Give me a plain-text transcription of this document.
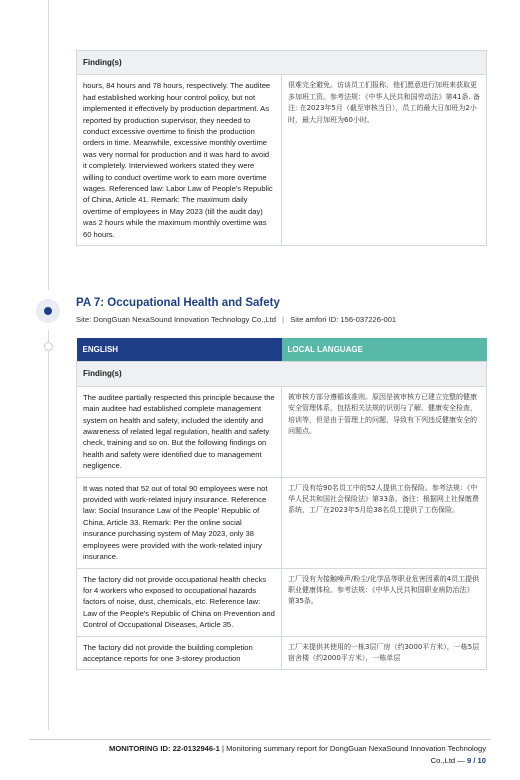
Finding(s)
hours, 84 hours and 78 hours, respectively. The auditee had established working hour control policy, but not implemented it effectively by production department. As reported by production supervisor, they needed to conduct excessive overtime to finish the production orders in time. Meanwhile, excessive monthly overtime was very normal for production and it was hard to avoid it completely. Interviewed workers stated they were willing to conduct overtime work to earn more overtime wages. Referenced law: Labor Law of People's Republic of China, Article 41. Remark: The maximum daily overtime of employees in May 2023 (till the audit day) was 2 hours while the maximum monthly overtime was 60 hours.	很难完全避免。访谈员工们报称，他们愿意进行加班来获取更多加班工资。参考法规：《中华人民共和国劳动法》第41条. 备注: 在2023年5月（截至审核当日），员工的最大日加班为2小时，最大月加班为60小时。
PA 7: Occupational Health and Safety
Site: DongGuan NexaSound Innovation Technology Co.,Ltd | Site amfori ID: 156-037226-001
ENGLISH	LOCAL LANGUAGE
Finding(s)	
The auditee partially respected this principle because the main auditee had established complete management system on health and safety, included the identify and awareness of related legal regulation, health and safety check, training and so on. But the following findings on health and safety were identified due to management negligence.	被审核方部分遵循该准则。原因是被审核方已建立完整的健康安全管理体系，包括相关法规的识别与了解，健康安全检查，培训等，但是由于管理上的问题，导致有下列违反健康安全的问题点。
It was noted that 52 out of total 90 employees were not provided with work-related injury insurance. Reference law: Social Insurance Law of the People' Republic of China, Article 33. Remark: Per the online social insurance purchasing system of May 2023, only 38 employees were provided with the work-related injury insurance.	工厂没有给90名员工中的52人提供工伤保险。参考法规：《中华人民共和国社会保险法》第33条。备注：根据网上社保缴费系统，工厂在2023年5月给38名员工提供了工伤保险。
The factory did not provide occupational health checks for 4 workers who exposed to occupational hazards factors of noise, dust, chemicals, etc. Reference law: Law of the People's Republic of China on Prevention and Control of Occupational Diseases, Article 35.	工厂没有为接触噪声/粉尘/化学品等职业危害因素的4员工提供职业健康体检。参考法规：《中华人民共和国职业病防治法》第35条。
The factory did not provide the building completion acceptance reports for one 3-storey production	工厂未提供其使用的一栋3层厂房（约3000平方米），一栋5层宿舍楼（约2000平方米），一栋单层
MONITORING ID: 22-0132946-1 | Monitoring summary report for DongGuan NexaSound Innovation Technology
Co.,Ltd — 9 / 10
